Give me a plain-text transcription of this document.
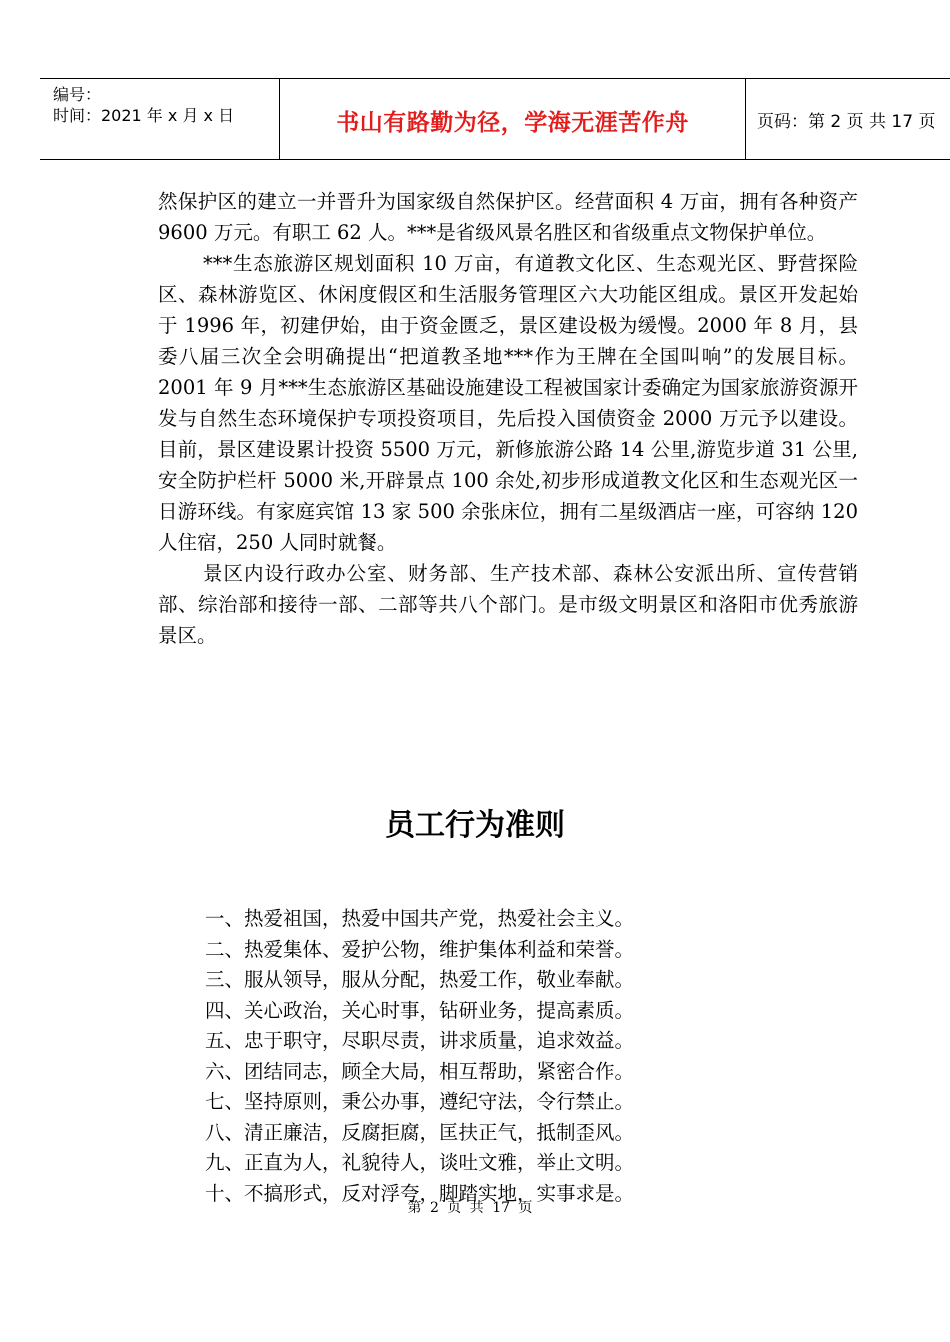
编号：
时间：2021 年 x 月 x 日	书山有路勤为径，学海无涯苦作舟	页码：第 2 页 共 17 页

然保护区的建立一并晋升为国家级自然保护区。经营面积 4 万亩，拥有各种资产 9600 万元。有职工 62 人。***是省级风景名胜区和省级重点文物保护单位。

***生态旅游区规划面积 10 万亩，有道教文化区、生态观光区、野营探险区、森林游览区、休闲度假区和生活服务管理区六大功能区组成。景区开发起始于 1996 年，初建伊始，由于资金匮乏，景区建设极为缓慢。2000 年 8 月，县委八届三次全会明确提出“把道教圣地***作为王牌在全国叫响”的发展目标。2001 年 9 月***生态旅游区基础设施建设工程被国家计委确定为国家旅游资源开发与自然生态环境保护专项投资项目，先后投入国债资金 2000 万元予以建设。目前，景区建设累计投资 5500 万元，新修旅游公路 14 公里,游览步道 31 公里,安全防护栏杆 5000 米,开辟景点 100 余处,初步形成道教文化区和生态观光区一日游环线。有家庭宾馆 13 家 500 余张床位，拥有二星级酒店一座，可容纳 120 人住宿，250 人同时就餐。

景区内设行政办公室、财务部、生产技术部、森林公安派出所、宣传营销部、综治部和接待一部、二部等共八个部门。是市级文明景区和洛阳市优秀旅游景区。

员工行为准则
一、热爱祖国，热爱中国共产党，热爱社会主义。
二、热爱集体、爱护公物，维护集体利益和荣誉。
三、服从领导，服从分配，热爱工作，敬业奉献。
四、关心政治，关心时事，钻研业务，提高素质。
五、忠于职守，尽职尽责，讲求质量，追求效益。
六、团结同志，顾全大局，相互帮助，紧密合作。
七、坚持原则，秉公办事，遵纪守法，令行禁止。
八、清正廉洁，反腐拒腐，匡扶正气，抵制歪风。
九、正直为人，礼貌待人，谈吐文雅，举止文明。
十、不搞形式，反对浮夸，脚踏实地，实事求是。
第 2 页 共 17 页
